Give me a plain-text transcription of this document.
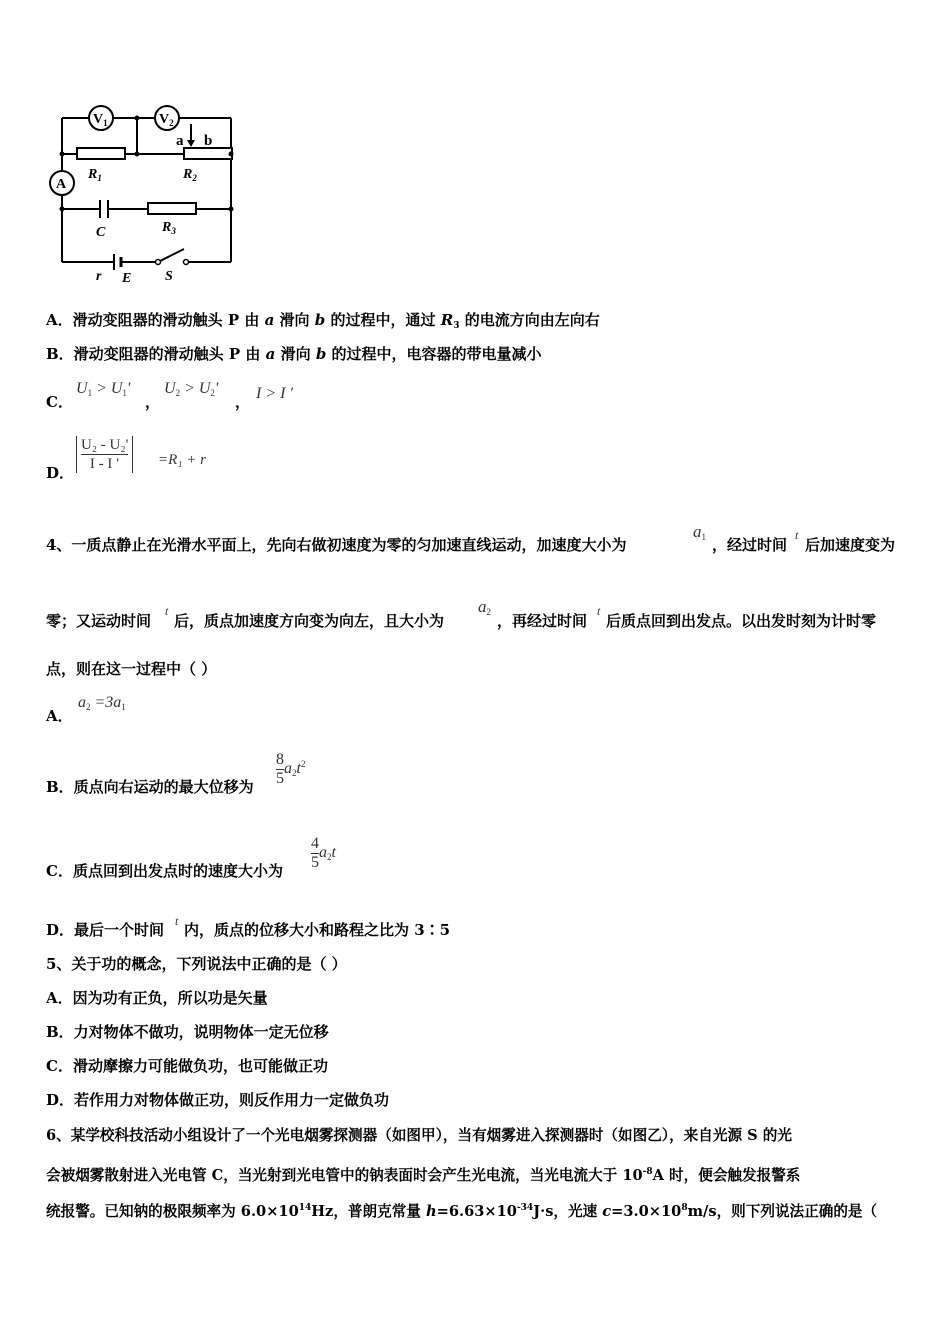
$V_1$	$V_2$
A
a b
$R_1$	$R_2$
C	$R_3$
r E S
A．滑动变阻器的滑动触头 P 由 a 滑向 b 的过程中，通过 $R_3$ 的电流方向由左向右
B．滑动变阻器的滑动触头 P 由 a 滑向 b 的过程中，电容器的带电量减小
C．
$U_1 > U_1'$
，
$U_2 > U_2'$
， I > I ′
D． $\frac{\text{U₂ - U₂'}}{I - I '} =R_1 + r$
4、一质点静止在光滑水平面上，先向右做初速度为零的匀加速直线运动，加速度大小为
$a_1$ ，经过时间
t
后加速度变为
零；又运动时间
t
后，质点加速度方向变为向左，且大小为
$a_2$ ，再经过时间
t
后质点回到出发点。以出发时刻为计时零
点，则在这一过程中（ ）
A．
$a_2 =3a_1$
B．质点向右运动的最大位移为 $\frac{8}{5} a_2t^2$
C．质点回到出发点时的速度大小为 $\frac{4}{5} a_2t$
D．最后一个时间 t 内，质点的位移大小和路程之比为 3∶5
5、关于功的概念，下列说法中正确的是（ ）
A．因为功有正负，所以功是矢量
B．力对物体不做功，说明物体一定无位移
C．滑动摩擦力可能做负功，也可能做正功
D．若作用力对物体做正功，则反作用力一定做负功
6、某学校科技活动小组设计了一个光电烟雾探测器（如图甲），当有烟雾进入探测器时（如图乙），来自光源 S 的光
会被烟雾散射进入光电管 C，当光射到光电管中的钠表面时会产生光电流，当光电流大于 $10^{-8}A$ 时，便会触发报警系
统报警。已知钠的极限频率为 $6.0\times 10^{14}Hz$，普朗克常量 $h=6.63\times 10^{-34}J\cdot s$，光速 $c=3.0\times 10^8m/s$，则下列说法正确的是（
